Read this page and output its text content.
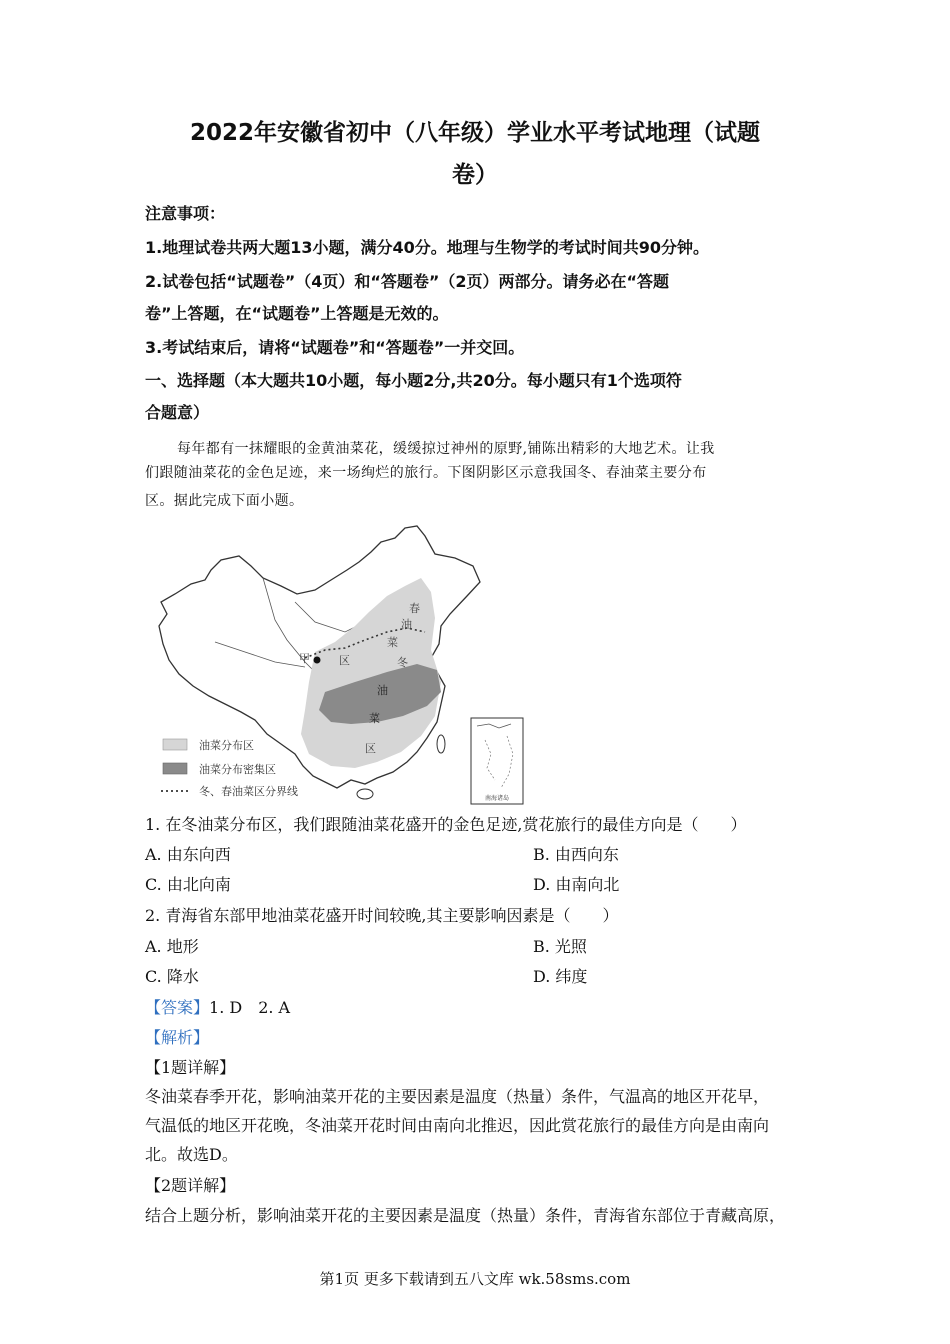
2022年安徽省初中（八年级）学业水平考试地理（试题
卷）
注意事项：
1.地理试卷共两大题13小题，满分40分。地理与生物学的考试时间共90分钟。
2.试卷包括“试题卷”（4页）和“答题卷”（2页）两部分。请务必在“答题
卷”上答题，在“试题卷”上答题是无效的。
3.考试结束后，请将“试题卷”和“答题卷”一并交回。
一、选择题（本大题共10小题，每小题2分,共20分。每小题只有1个选项符
合题意）
每年都有一抹耀眼的金黄油菜花，缓缓掠过神州的原野,铺陈出精彩的大地艺术。让我
们跟随油菜花的金色足迹，来一场绚烂的旅行。下图阴影区示意我国冬、春油菜主要分布
区。据此完成下面小题。
春
油
菜
区
甲	冬
油
菜
区
油菜分布区
油菜分布密集区
冬、春油菜区分界线
南海诸岛
1. 在冬油菜分布区，我们跟随油菜花盛开的金色足迹,赏花旅行的最佳方向是（　　）
A. 由东向西	B. 由西向东
C. 由北向南	D. 由南向北
2. 青海省东部甲地油菜花盛开时间较晚,其主要影响因素是（　　）
A. 地形	B. 光照
C. 降水	D. 纬度
【答案】1. D　2. A
【解析】
【1题详解】
冬油菜春季开花，影响油菜开花的主要因素是温度（热量）条件，气温高的地区开花早，
气温低的地区开花晚，冬油菜开花时间由南向北推迟，因此赏花旅行的最佳方向是由南向
北。故选D。
【2题详解】
结合上题分析，影响油菜开花的主要因素是温度（热量）条件，青海省东部位于青藏高原，
第1页 更多下载请到五八文库 wk.58sms.com
